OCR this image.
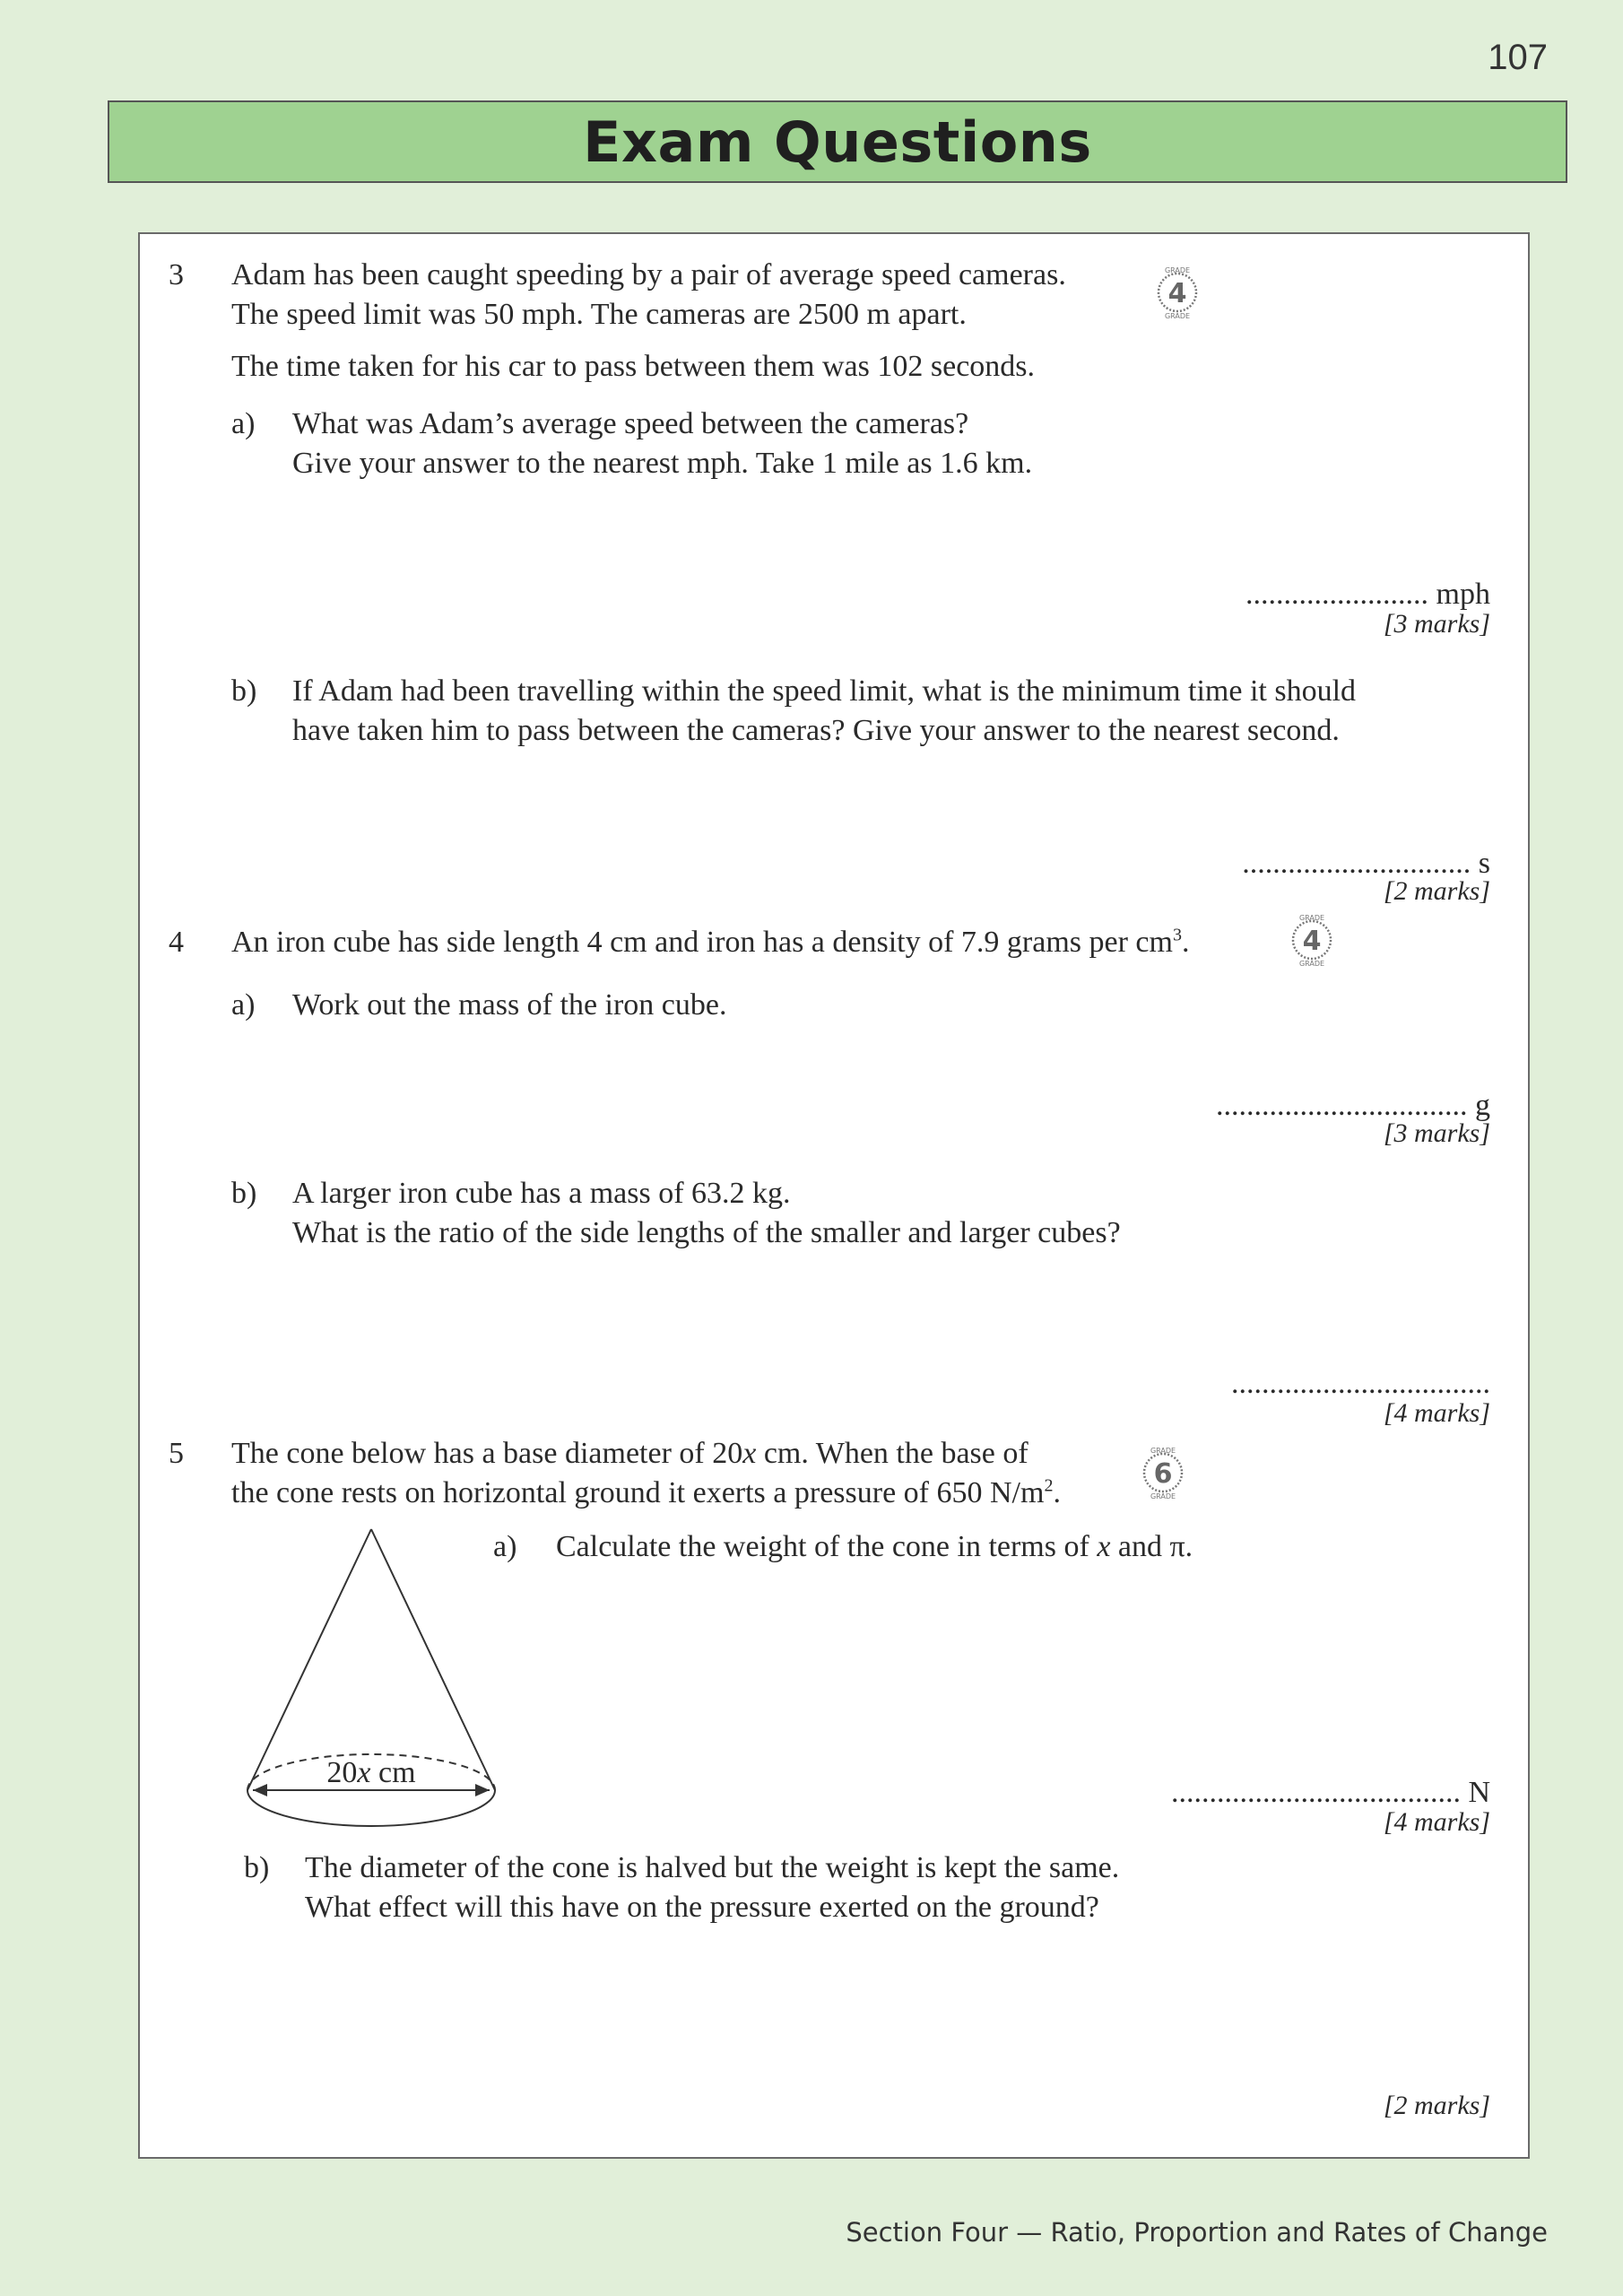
107
Exam Questions
3 Adam has been caught speeding by a pair of average speed cameras.
The speed limit was 50 mph. The cameras are 2500 m apart.
The time taken for his car to pass between them was 102 seconds.
4
GRADE
GRADE
a) What was Adam’s average speed between the cameras?
Give your answer to the nearest mph. Take 1 mile as 1.6 km.
........................ mph
[3 marks]
b) If Adam had been travelling within the speed limit, what is the minimum time it should
have taken him to pass between the cameras? Give your answer to the nearest second.
.............................. s
[2 marks]
4 An iron cube has side length 4 cm and iron has a density of 7.9 grams per $cm^3$.	4
GRADE
GRADE
a) Work out the mass of the iron cube.
................................. g
[3 marks]
b) A larger iron cube has a mass of 63.2 kg.
What is the ratio of the side lengths of the smaller and larger cubes?
..................................
[4 marks]
5 The cone below has a base diameter of 20x cm. When the base of
the cone rests on horizontal ground it exerts a pressure of 650 $N/m^2$.
6
GRADE
GRADE
20x cm
a) Calculate the weight of the cone in terms of x and π.
...................................... N
[4 marks]
b) The diameter of the cone is halved but the weight is kept the same.
What effect will this have on the pressure exerted on the ground?
[2 marks]
Section Four — Ratio, Proportion and Rates of Change
